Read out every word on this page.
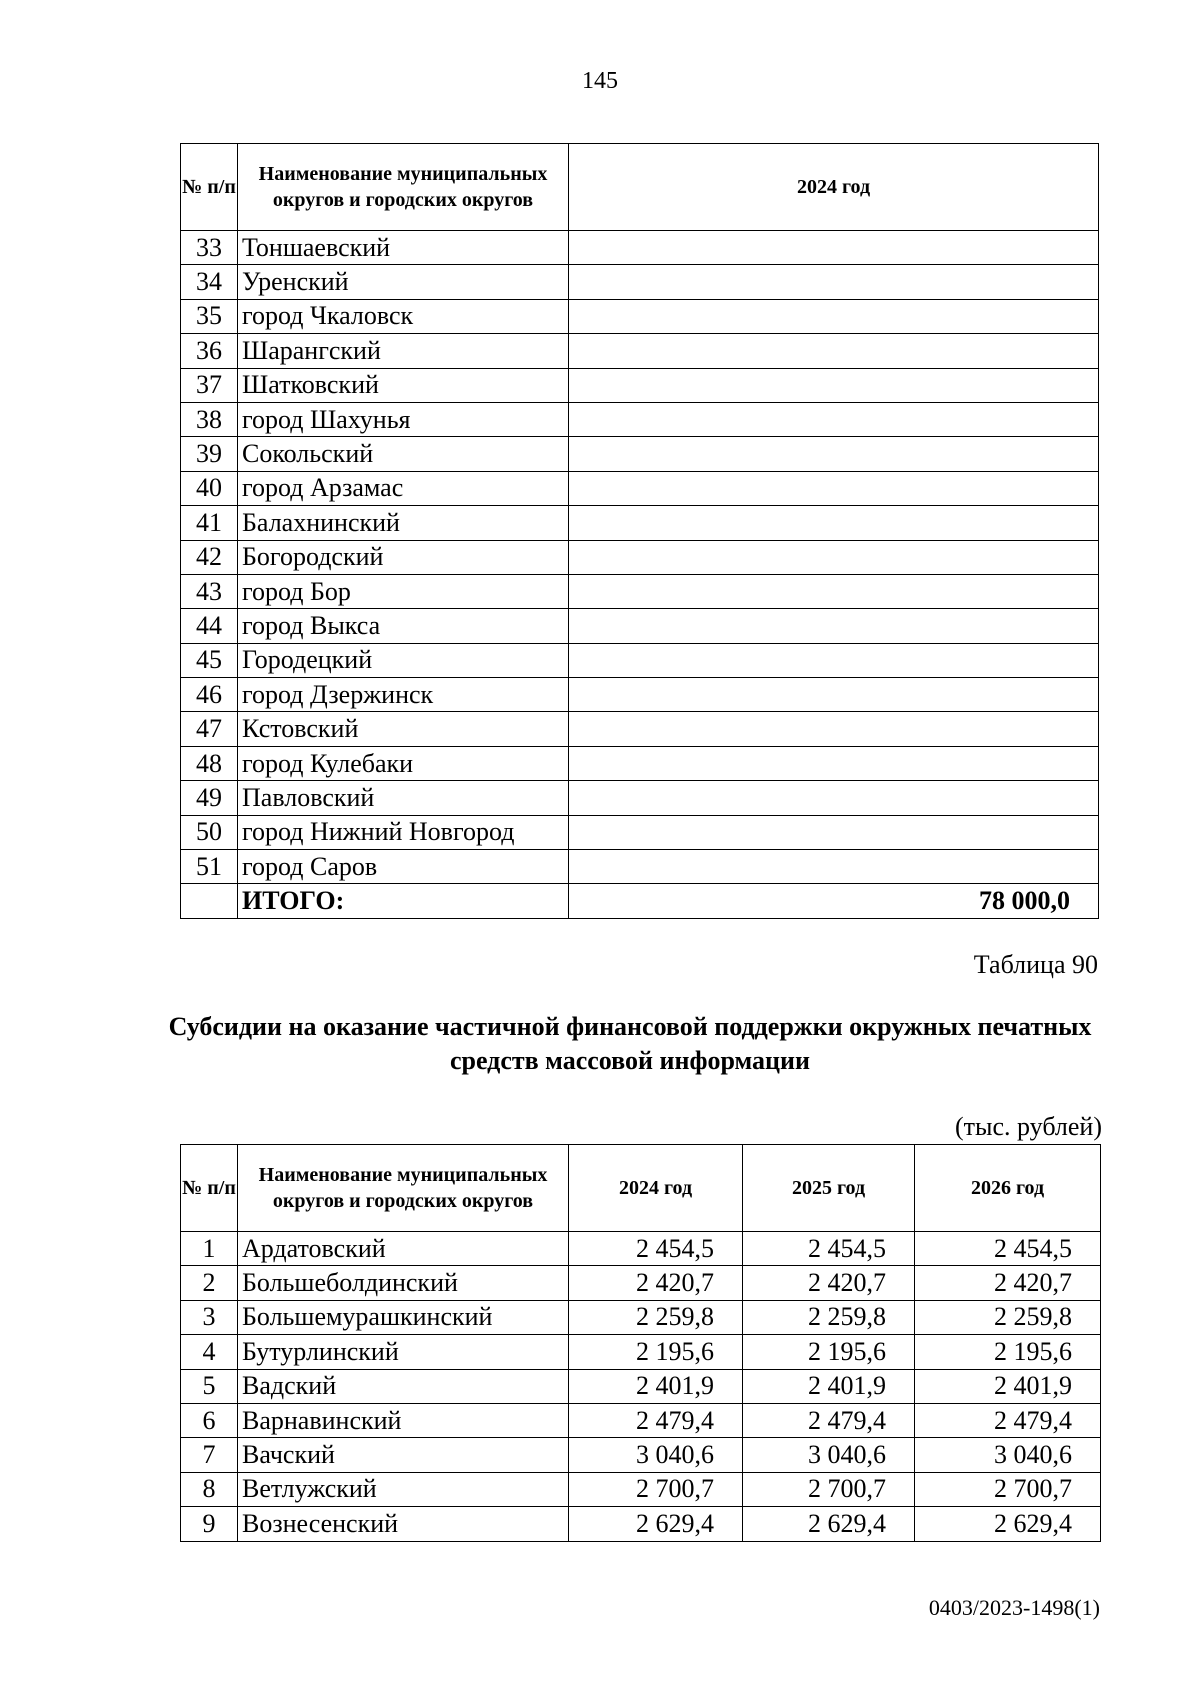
145
№ п/п	Наименование муниципальных округов и городских округов	2024 год
33	Тоншаевский	
34	Уренский	
35	город Чкаловск	
36	Шарангский	
37	Шатковский	
38	город Шахунья	
39	Сокольский	
40	город Арзамас	
41	Балахнинский	
42	Богородский	
43	город Бор	
44	город Выкса	
45	Городецкий	
46	город Дзержинск	
47	Кстовский	
48	город Кулебаки	
49	Павловский	
50	город Нижний Новгород	
51	город Саров	
	ИТОГО:	78 000,0
Таблица 90
Субсидии на оказание частичной финансовой поддержки окружных печатных средств массовой информации
(тыс. рублей)
№ п/п	Наименование муниципальных округов и городских округов	2024 год	2025 год	2026 год
1	Ардатовский	2 454,5	2 454,5	2 454,5
2	Большеболдинский	2 420,7	2 420,7	2 420,7
3	Большемурашкинский	2 259,8	2 259,8	2 259,8
4	Бутурлинский	2 195,6	2 195,6	2 195,6
5	Вадский	2 401,9	2 401,9	2 401,9
6	Варнавинский	2 479,4	2 479,4	2 479,4
7	Вачский	3 040,6	3 040,6	3 040,6
8	Ветлужский	2 700,7	2 700,7	2 700,7
9	Вознесенский	2 629,4	2 629,4	2 629,4
0403/2023-1498(1)
